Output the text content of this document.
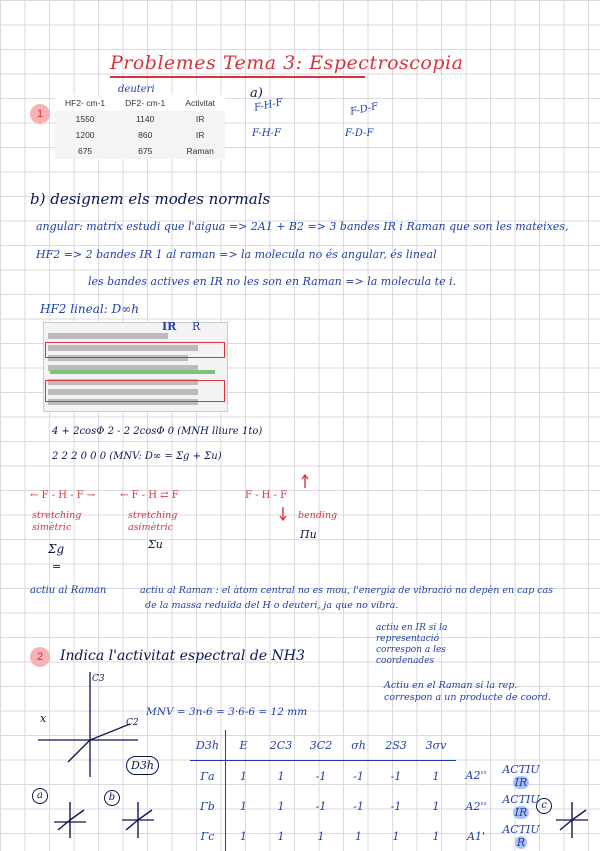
Problemes Tema 3: Espectroscopia
1
deuteri
HF2- cm-1	DF2- cm-1	Activitat
1550	1140	IR
1200	860	IR
675	675	Raman
a)
F-H-F
F-H-F
F-D-F
F-D-F
b) designem els modes normals
angular: matrix estudi que l'aigua => 2A1 + B2 => 3 bandes IR i Raman que son les mateixes,
HF2 => 2 bandes IR 1 al raman => la molecula no és angular, és lineal
les bandes actives en IR no les son en Raman => la molecula te i.
HF2 lineal: D∞h
IR R
4 + 2cosΦ 2 - 2 2cosΦ 0 (MNH lliure 1to)
2 2 2 0 0 0 (MNV: D∞ = Σg + Σu)
← F - H - F → ← F - H ⇄ F	F - H - F
stretching simètric
stretching asimètric
bending
Σg	Σu
Πu
=
actiu al Raman	actiu al Raman : el àtom central no es mou, l'energia de vibració no depèn en cap cas
de la massa reduïda del H o deuteri, ja que no vibra.
2	Indica l'activitat espectral de NH3
actiu en IR si la representació correspon a les coordenades
Actiu en el Raman si la rep. correspon a un producte de coord.
C3
C2
x	MNV = 3n-6 = 3·6-6 = 12 mm
D3h
D3h	E	2C3	3C2	σh	2S3	3σv		
Γa	1	1	-1	-1	-1	1	A2''	ACTIU IR
Γb	1	1	-1	-1	-1	1	A2''	ACTIU IR
Γc	1	1	1	1	1	1	A1'	ACTIU R
a	b
c
